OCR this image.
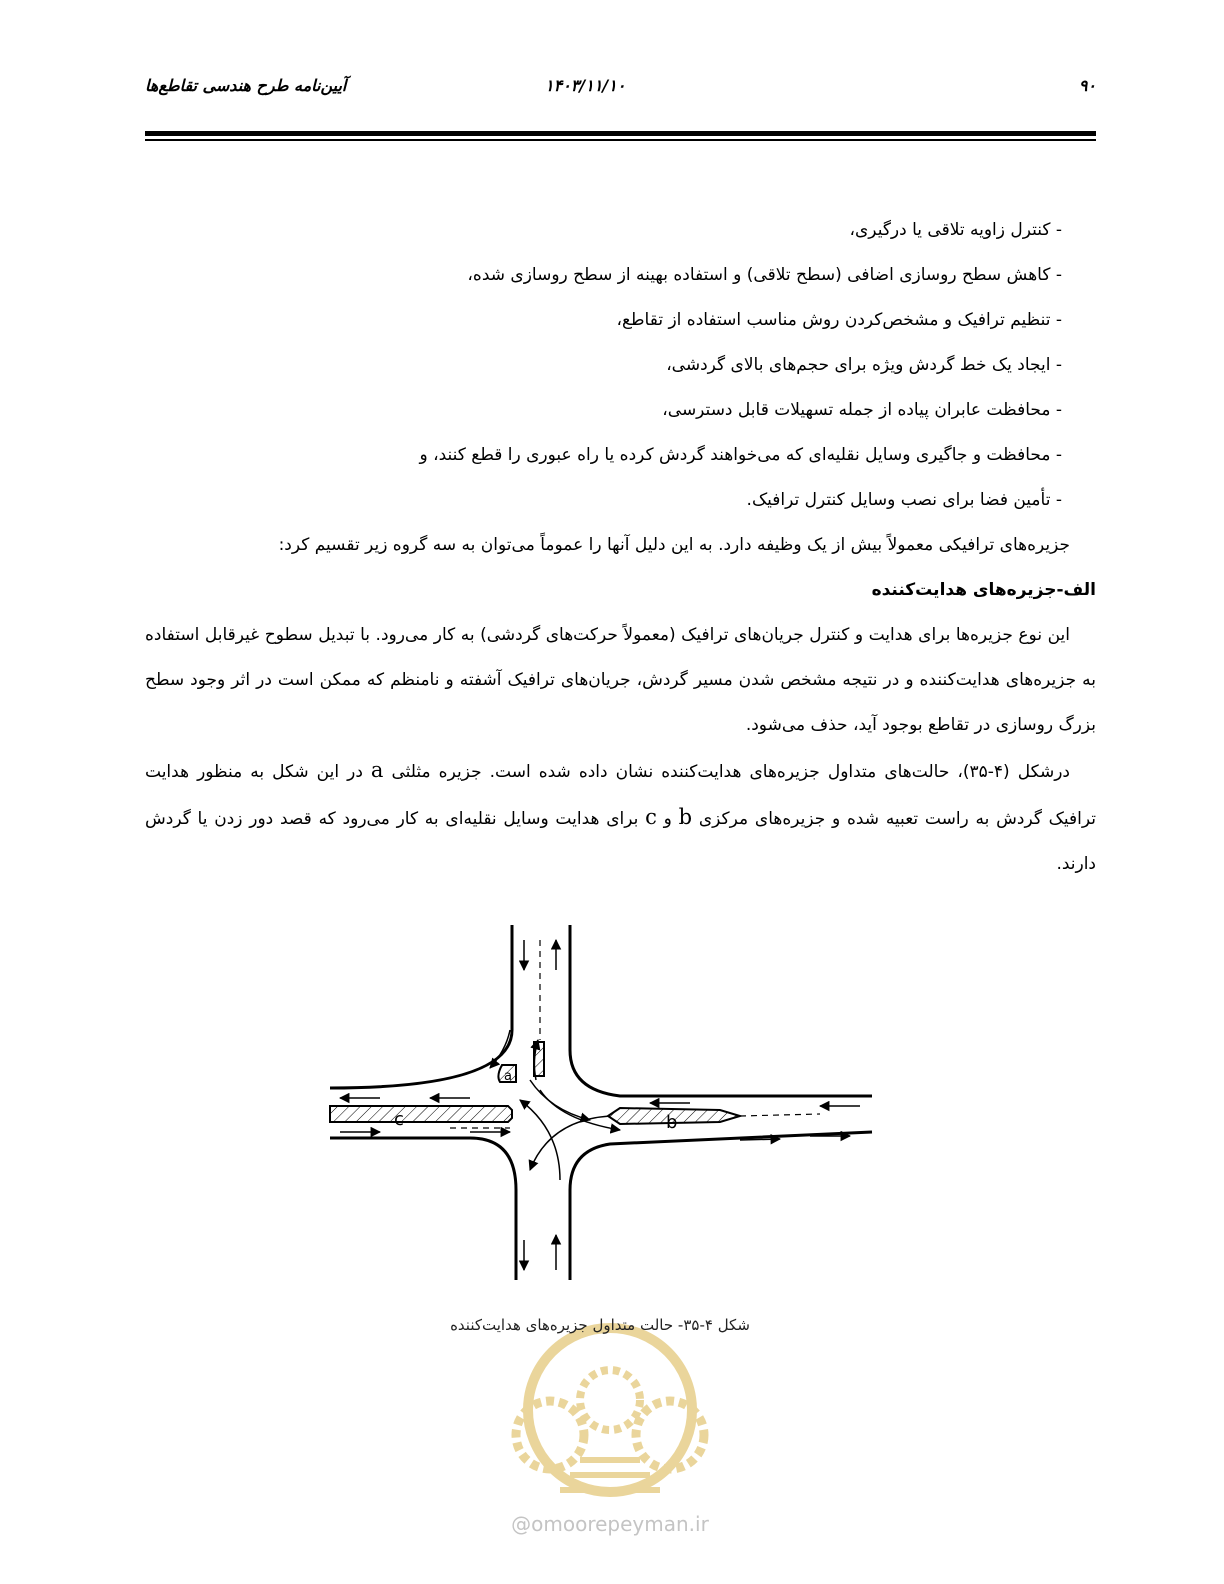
۹۰
۱۴۰۳/۱۱/۱۰
آیین‌نامه طرح هندسی تقاطع‌ها
- کنترل زاویه تلاقی یا درگیری،
- کاهش سطح روسازی اضافی (سطح تلاقی) و استفاده بهینه از سطح روسازی شده،
- تنظیم ترافیک و مشخص‌کردن روش مناسب استفاده از تقاطع،
- ایجاد یک خط گردش ویژه برای حجم‌های بالای گردشی،
- محافظت عابران پیاده از جمله تسهیلات قابل دسترسی،
- محافظت و جاگیری وسایل نقلیه‌ای که می‌خواهند گردش کرده یا راه عبوری را قطع کنند، و
- تأمین فضا برای نصب وسایل کنترل ترافیک.

جزیره‌های ترافیکی معمولاً بیش از یک وظیفه دارد. به این دلیل آنها را عموماً می‌توان به سه گروه زیر تقسیم کرد:

الف-جزیره‌های هدایت‌کننده

این نوع جزیره‌ها برای هدایت و کنترل جریان‌های ترافیک (معمولاً حرکت‌های گردشی) به کار می‌رود. با تبدیل سطوح غیرقابل استفاده به جزیره‌های هدایت‌کننده و در نتیجه مشخص شدن مسیر گردش، جریان‌های ترافیک آشفته و نامنظم که ممکن است در اثر وجود سطح بزرگ روسازی در تقاطع بوجود آید، حذف می‌شود.

درشکل (۴-۳۵)، حالت‌های متداول جزیره‌های هدایت‌کننده نشان داده شده است. جزیره مثلثی a در این شکل به منظور هدایت ترافیک گردش به راست تعبیه شده و جزیره‌های مرکزی b و c برای هدایت وسایل نقلیه‌ای به کار می‌رود که قصد دور زدن یا گردش دارند.

@omoorepeyman.ir
c	b
a
شکل ۴-۳۵- حالت متداول جزیره‌های هدایت‌کننده
